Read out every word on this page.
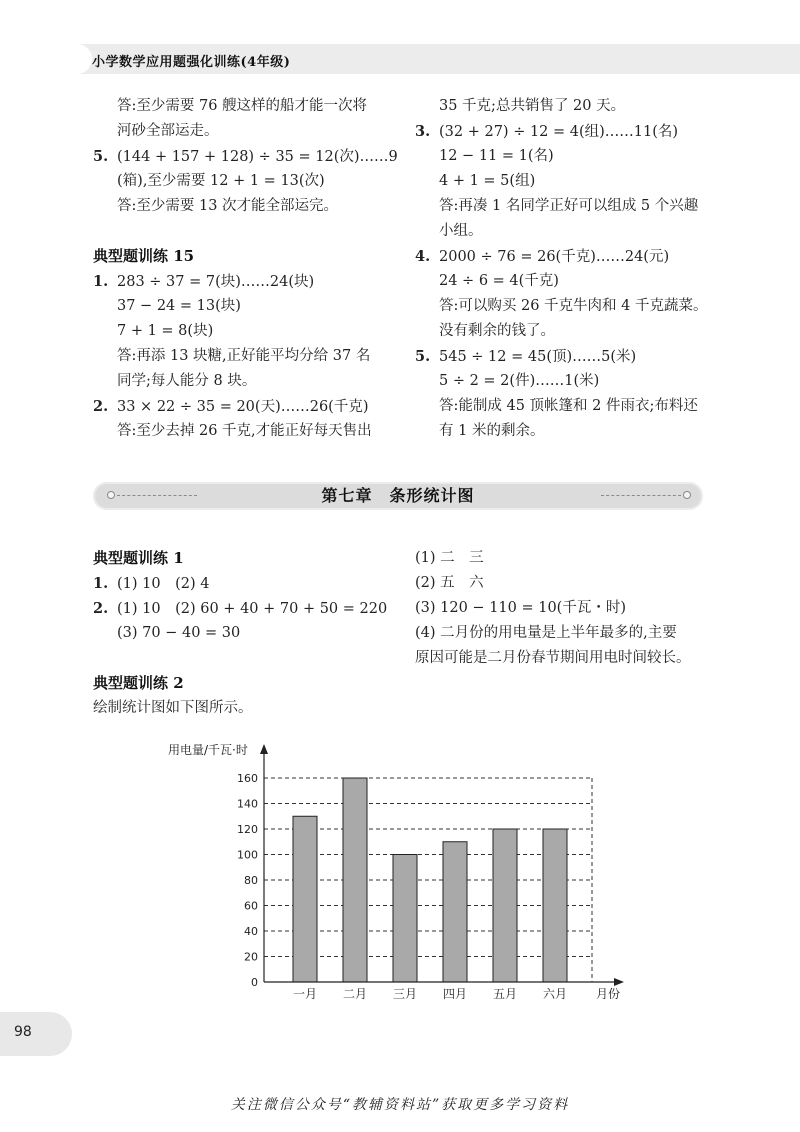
小学数学应用题强化训练(4年级)
答:至少需要 76 艘这样的船才能一次将
河砂全部运走。
5. (144 + 157 + 128) ÷ 35 = 12(次)……9
(箱),至少需要 12 + 1 = 13(次)
答:至少需要 13 次才能全部运完。
典型题训练 15
1. 283 ÷ 37 = 7(块)……24(块)
37 − 24 = 13(块)
7 + 1 = 8(块)
答:再添 13 块糖,正好能平均分给 37 名
同学;每人能分 8 块。
2. 33 × 22 ÷ 35 = 20(天)……26(千克)
答:至少去掉 26 千克,才能正好每天售出
35 千克;总共销售了 20 天。
3. (32 + 27) ÷ 12 = 4(组)……11(名)
12 − 11 = 1(名)
4 + 1 = 5(组)
答:再凑 1 名同学正好可以组成 5 个兴趣
小组。
4. 2000 ÷ 76 = 26(千克)……24(元)
24 ÷ 6 = 4(千克)
答:可以购买 26 千克牛肉和 4 千克蔬菜。
没有剩余的钱了。
5. 545 ÷ 12 = 45(顶)……5(米)
5 ÷ 2 = 2(件)……1(米)
答:能制成 45 顶帐篷和 2 件雨衣;布料还
有 1 米的剩余。
第七章　条形统计图
典型题训练 1
1. (1) 10　(2) 4
2. (1) 10　(2) 60 + 40 + 70 + 50 = 220
(3) 70 − 40 = 30
典型题训练 2
绘制统计图如下图所示。
(1) 二　三
(2) 五　六
(3) 120 − 110 = 10(千瓦・时)
(4) 二月份的用电量是上半年最多的,主要
原因可能是二月份春节期间用电时间较长。
0
20
40
60
80
100
120
140
160
一月 二月 三月 四月 五月 六月
用电量/千瓦·时
月份
98
关注微信公众号“教辅资料站”获取更多学习资料
